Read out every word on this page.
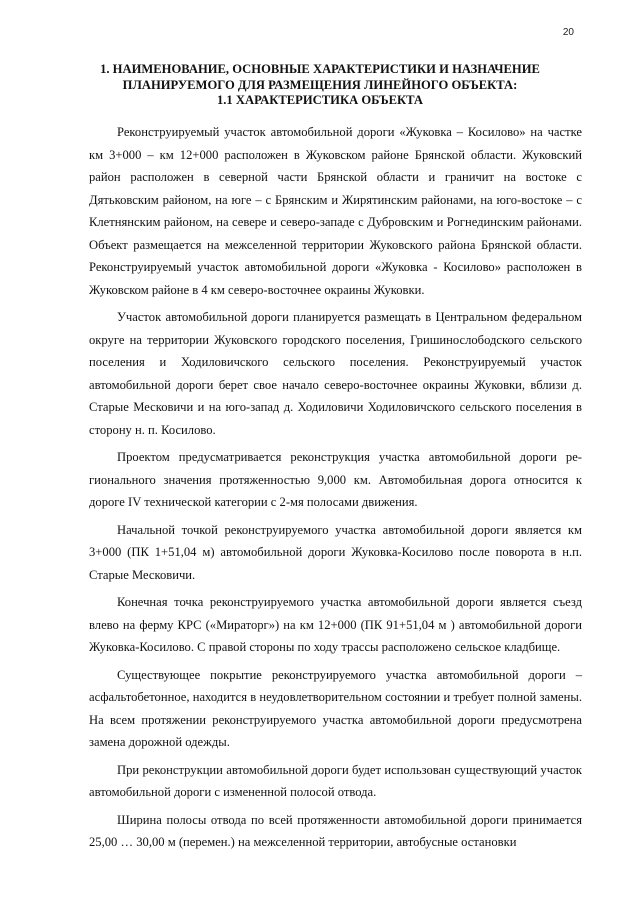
20
1. НАИМЕНОВАНИЕ, ОСНОВНЫЕ ХАРАКТЕРИСТИКИ И НАЗНАЧЕНИЕ
ПЛАНИРУЕМОГО ДЛЯ РАЗМЕЩЕНИЯ ЛИНЕЙНОГО ОБЪЕКТА:
1.1 ХАРАКТЕРИСТИКА ОБЪЕКТА

Реконструируемый участок автомобильной дороги «Жуковка – Косилово» на частке км 3+000 – км 12+000 расположен в Жуковском районе Брянской области. Жуковский район расположен в северной части Брянской области и граничит на востоке с Дятьковским районом, на юге – с Брянским и Жирятинским районами, на юго-востоке – с Клетнянским районом, на севере и северо-западе с Дубровским и Рогнединским районами. Объект размещается на межселенной территории Жуковского района Брянской области. Реконструируемый участок автомобильной дороги «Жуковка - Косилово» расположен в Жуковском районе в 4 км северо-восточнее окраины Жуковки.

Участок автомобильной дороги планируется размещать в Центральном федеральном округе на территории Жуковского городского поселения, Гришинослободского сельского поселения и Ходиловичского сельского поселения. Реконструируемый участок автомобильной дороги берет свое начало северо-восточнее окраины Жуковки, вблизи д. Старые Месковичи и на юго-запад д. Ходиловичи Ходиловичского сельского поселения в сторону н. п. Косилово.

Проектом предусматривается реконструкция участка автомобильной дороги регионального значения протяженностью 9,000 км. Автомобильная дорога относится к дороге IV технической категории с 2-мя полосами движения.

Начальной точкой реконструируемого участка автомобильной дороги является км 3+000 (ПК 1+51,04 м) автомобильной дороги Жуковка-Косилово после поворота в н.п. Старые Месковичи.

Конечная точка реконструируемого участка автомобильной дороги является съезд влево на ферму КРС («Мираторг») на км 12+000 (ПК 91+51,04 м ) автомобильной дороги Жуковка-Косилово. С правой стороны по ходу трассы расположено сельское кладбище.

Существующее покрытие реконструируемого участка автомобильной дороги – асфальтобетонное, находится в неудовлетворительном состоянии и требует полной замены. На всем протяжении реконструируемого участка автомобильной дороги предусмотрена замена дорожной одежды.

При реконструкции автомобильной дороги будет использован существующий участок автомобильной дороги с измененной полосой отвода.

Ширина полосы отвода по всей протяженности автомобильной дороги принимается 25,00 … 30,00 м (перемен.) на межселенной территории, автобусные остановки
